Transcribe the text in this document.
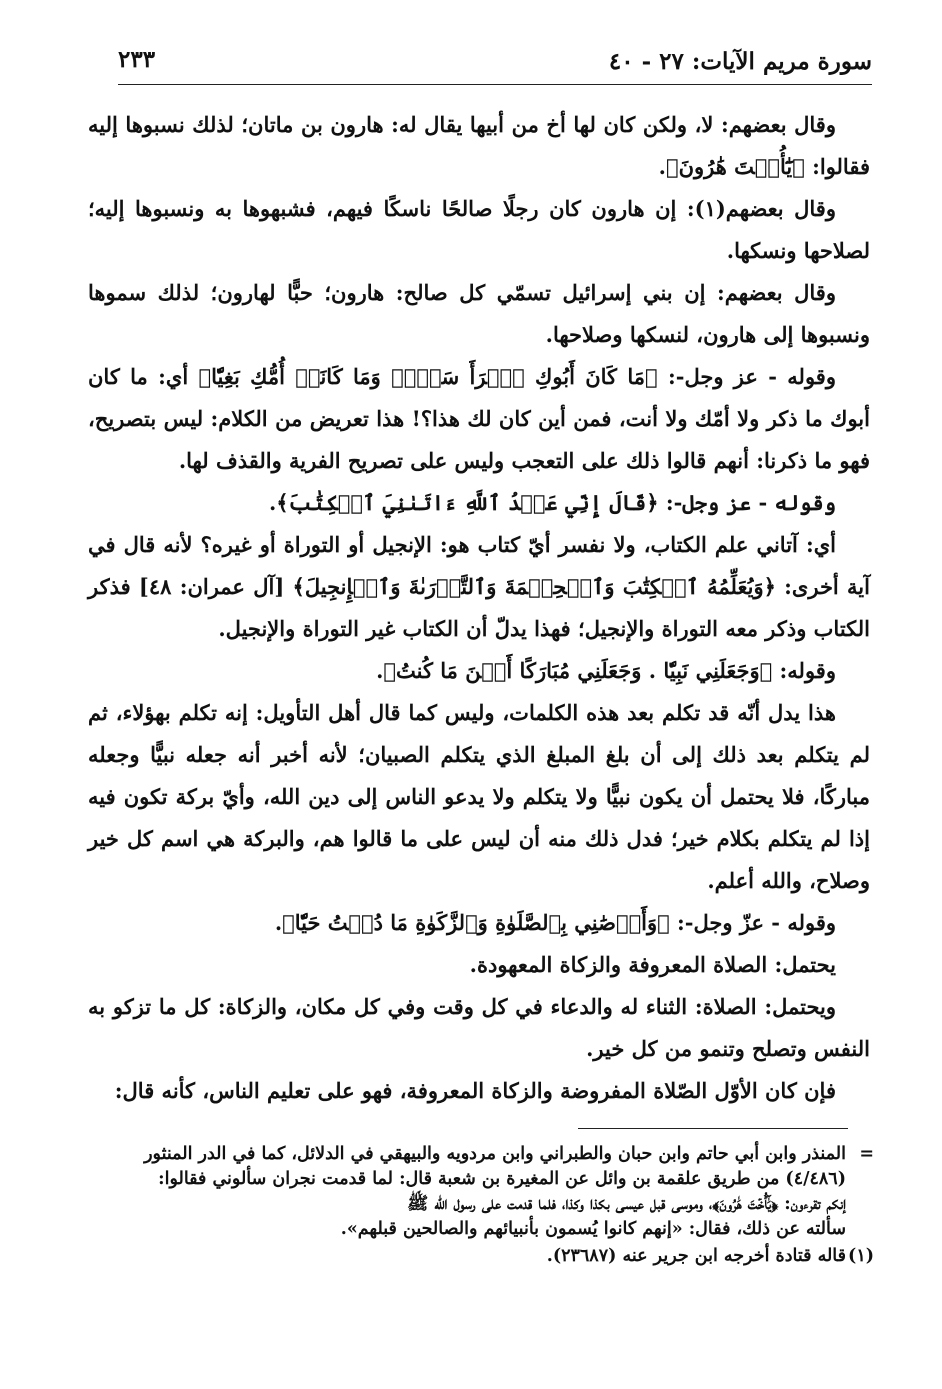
سورة مريم الآيات: ٢٧ - ٤٠
٢٣٣

وقال بعضهم: لا، ولكن كان لها أخ من أبيها يقال له: هارون بن ماتان؛ لذلك نسبوها إليه فقالوا: ﴿يَٰٓأُخۡتَ هَٰرُونَ﴾.

وقال بعضهم(١): إن هارون كان رجلًا صالحًا ناسكًا فيهم، فشبهوها به ونسبوها إليه؛ لصلاحها ونسكها.

وقال بعضهم: إن بني إسرائيل تسمّي كل صالح: هارون؛ حبًّا لهارون؛ لذلك سموها ونسبوها إلى هارون، لنسكها وصلاحها.

وقوله - عز وجل-: ﴿مَا كَانَ أَبُوكِ ٱمۡرَأَ سَوۡءٖ وَمَا كَانَتۡ أُمُّكِ بَغِيّٗا﴾ أي: ما كان أبوك ما ذكر ولا أمّك ولا أنت، فمن أين كان لك هذا؟! هذا تعريض من الكلام: ليس بتصريح، فهو ما ذكرنا: أنهم قالوا ذلك على التعجب وليس على تصريح الفرية والقذف لها.

وقوله - عز وجل-: ﴿قَالَ إِنِّي عَبۡدُ ٱللَّهِ ءَاتَىٰنِيَ ٱلۡكِتَٰبَ﴾.

أي: آتاني علم الكتاب، ولا نفسر أيّ كتاب هو: الإنجيل أو التوراة أو غيره؟ لأنه قال في آية أخرى: ﴿وَيُعَلِّمُهُ ٱلۡكِتَٰبَ وَٱلۡحِكۡمَةَ وَٱلتَّوۡرَىٰةَ وَٱلۡإِنجِيلَ﴾ [آل عمران: ٤٨] فذكر الكتاب وذكر معه التوراة والإنجيل؛ فهذا يدلّ أن الكتاب غير التوراة والإنجيل.

وقوله: ﴿وَجَعَلَنِي نَبِيّٗا . وَجَعَلَنِي مُبَارَكًا أَيۡنَ مَا كُنتُ﴾.

هذا يدل أنّه قد تكلم بعد هذه الكلمات، وليس كما قال أهل التأويل: إنه تكلم بهؤلاء، ثم لم يتكلم بعد ذلك إلى أن بلغ المبلغ الذي يتكلم الصبيان؛ لأنه أخبر أنه جعله نبيًّا وجعله مباركًا، فلا يحتمل أن يكون نبيًّا ولا يتكلم ولا يدعو الناس إلى دين الله، وأيّ بركة تكون فيه إذا لم يتكلم بكلام خير؛ فدل ذلك منه أن ليس على ما قالوا هم، والبركة هي اسم كل خير وصلاح، والله أعلم.

وقوله - عزّ وجل-: ﴿وَأَوۡصَٰنِي بِٱلصَّلَوٰةِ وَٱلزَّكَوٰةِ مَا دُمۡتُ حَيّٗا﴾.

يحتمل: الصلاة المعروفة والزكاة المعهودة.

ويحتمل: الصلاة: الثناء له والدعاء في كل وقت وفي كل مكان، والزكاة: كل ما تزكو به النفس وتصلح وتنمو من كل خير.

فإن كان الأوّل الصّلاة المفروضة والزكاة المعروفة، فهو على تعليم الناس، كأنه قال:

=

المنذر وابن أبي حاتم وابن حبان والطبراني وابن مردويه والبيهقي في الدلائل، كما في الدر المنثور

(٤/٤٨٦) من طريق علقمة بن وائل عن المغيرة بن شعبة قال: لما قدمت نجران سألوني فقالوا:

إنكم تقرءون: ﴿يَٰٓأُخۡتَ هَٰرُونَ﴾، وموسى قبل عيسى بكذا وكذا، فلما قدمت على رسول الله ﷺ

سألته عن ذلك، فقال: «إنهم كانوا يُسمون بأنبيائهم والصالحين قبلهم».

(١)

قاله قتادة أخرجه ابن جرير عنه (٢٣٦٨٧).
